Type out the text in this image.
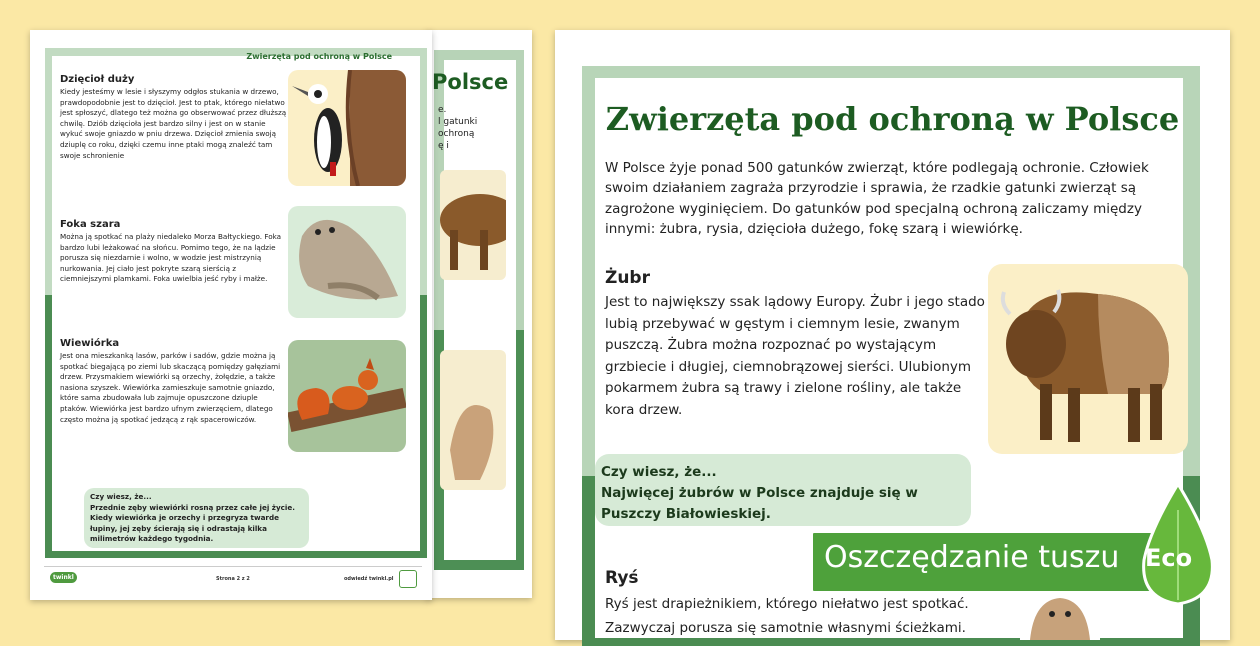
Polsce
e.
l gatunki
ochroną
ę i
Zwierzęta pod ochroną w Polsce
Dzięcioł duży
Kiedy jesteśmy w lesie i słyszymy odgłos stukania w drzewo, prawdopodobnie jest to dzięcioł. Jest to ptak, którego niełatwo jest spłoszyć, dlatego też można go obserwować przez dłuższą chwilę. Dziób dzięcioła jest bardzo silny i jest on w stanie wykuć swoje gniazdo w pniu drzewa. Dzięcioł zmienia swoją dziuplę co roku, dzięki czemu inne ptaki mogą znaleźć tam swoje schronienie
Foka szara
Można ją spotkać na plaży niedaleko Morza Bałtyckiego. Foka bardzo lubi leżakować na słońcu. Pomimo tego, że na lądzie porusza się niezdarnie i wolno, w wodzie jest mistrzynią nurkowania. Jej ciało jest pokryte szarą sierścią z ciemniejszymi plamkami. Foka uwielbia jeść ryby i małże.
Wiewiórka
Jest ona mieszkanką lasów, parków i sadów, gdzie można ją spotkać biegającą po ziemi lub skaczącą pomiędzy gałęziami drzew. Przysmakiem wiewiórki są orzechy, żołędzie, a także nasiona szyszek. Wiewiórka zamieszkuje samotnie gniazdo, które sama zbudowała lub zajmuje opuszczone dziuple ptaków. Wiewiórka jest bardzo ufnym zwierzęciem, dlatego często można ją spotkać jedzącą z rąk spacerowiczów.
Czy wiesz, że...
Przednie zęby wiewiórki rosną przez całe jej życie. Kiedy wiewiórka je orzechy i przegryza twarde łupiny, jej zęby ścierają się i odrastają kilka milimetrów każdego tygodnia.
twinkl	Strona 2 z 2	odwiedź twinkl.pl
Zwierzęta pod ochroną w Polsce
W Polsce żyje ponad 500 gatunków zwierząt, które podlegają ochronie. Człowiek swoim działaniem zagraża przyrodzie i sprawia, że rzadkie gatunki zwierząt są zagrożone wyginięciem. Do gatunków pod specjalną ochroną zaliczamy między innymi: żubra, rysia, dzięcioła dużego, fokę szarą i wiewiórkę.
Żubr
Jest to największy ssak lądowy Europy. Żubr i jego stado lubią przebywać w gęstym i ciemnym lesie, zwanym puszczą. Żubra można rozpoznać po wystającym grzbiecie i długiej, ciemnobrązowej sierści. Ulubionym pokarmem żubra są trawy i zielone rośliny, ale także kora drzew.
Czy wiesz, że...
Najwięcej żubrów w Polsce znajduje się w Puszczy Białowieskiej.
Ryś
Ryś jest drapieżnikiem, którego niełatwo jest spotkać. Zazwyczaj porusza się samotnie własnymi ścieżkami.
Oszczędzanie tuszu Eco
